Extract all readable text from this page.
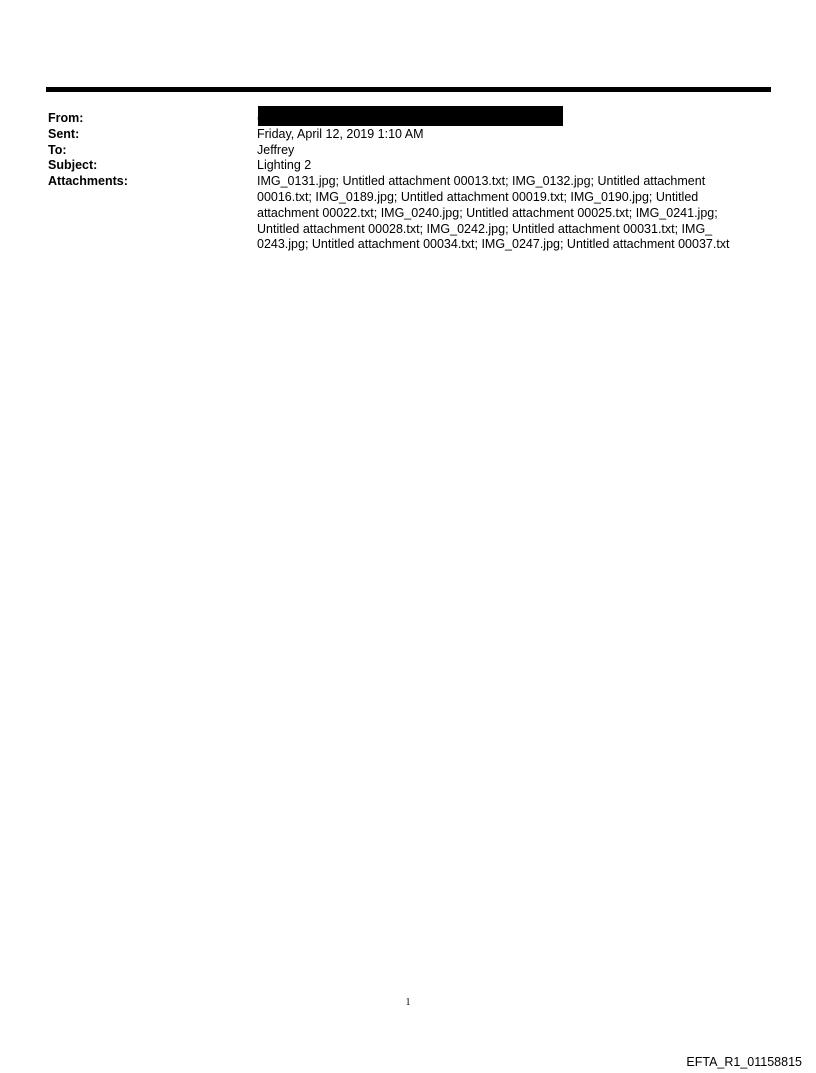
From:
Sent:	Friday, April 12, 2019 1:10 AM
To:	Jeffrey
Subject:	Lighting 2
Attachments:	IMG_0131.jpg; Untitled attachment 00013.txt; IMG_0132.jpg; Untitled attachment
00016.txt; IMG_0189.jpg; Untitled attachment 00019.txt; IMG_0190.jpg; Untitled
attachment 00022.txt; IMG_0240.jpg; Untitled attachment 00025.txt; IMG_0241.jpg;
Untitled attachment 00028.txt; IMG_0242.jpg; Untitled attachment 00031.txt; IMG_
0243.jpg; Untitled attachment 00034.txt; IMG_0247.jpg; Untitled attachment 00037.txt
1
EFTA_R1_01158815
